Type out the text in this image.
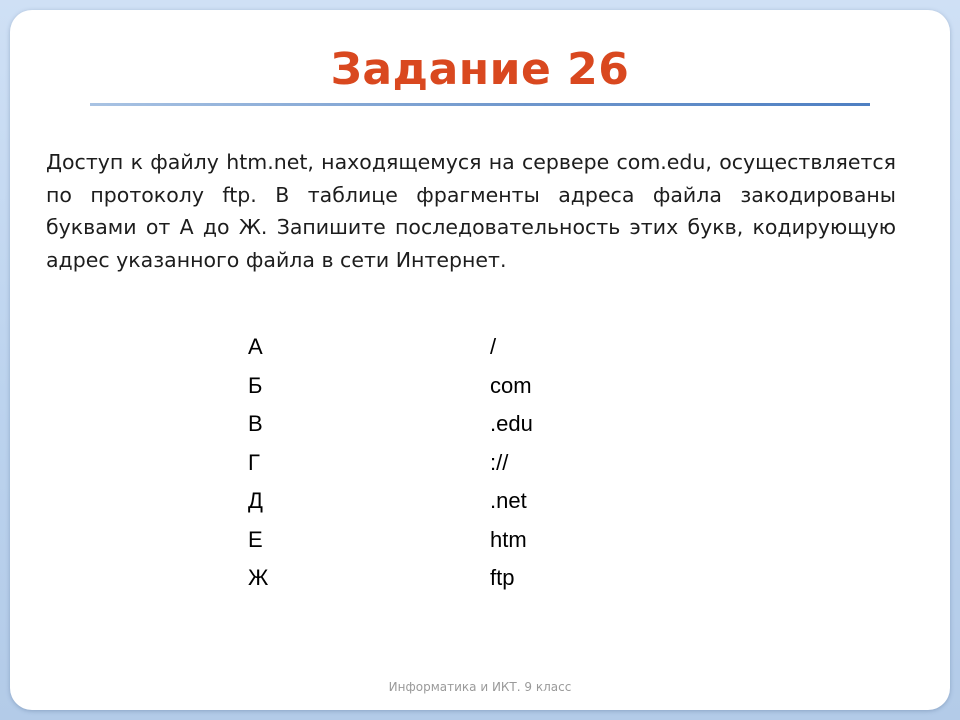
Задание 26

Доступ к файлу htm.net, находящемуся на сервере com.edu, осуществляется по протоколу ftp. В таблице фрагменты адреса файла закодированы буквами от А до Ж. Запишите последовательность этих букв, кодирующую адрес указанного файла в сети Интернет.

А	/
Б	com
В	.edu
Г	://
Д	.net
Е	htm
Ж	ftp
Информатика и ИКТ. 9 класс
